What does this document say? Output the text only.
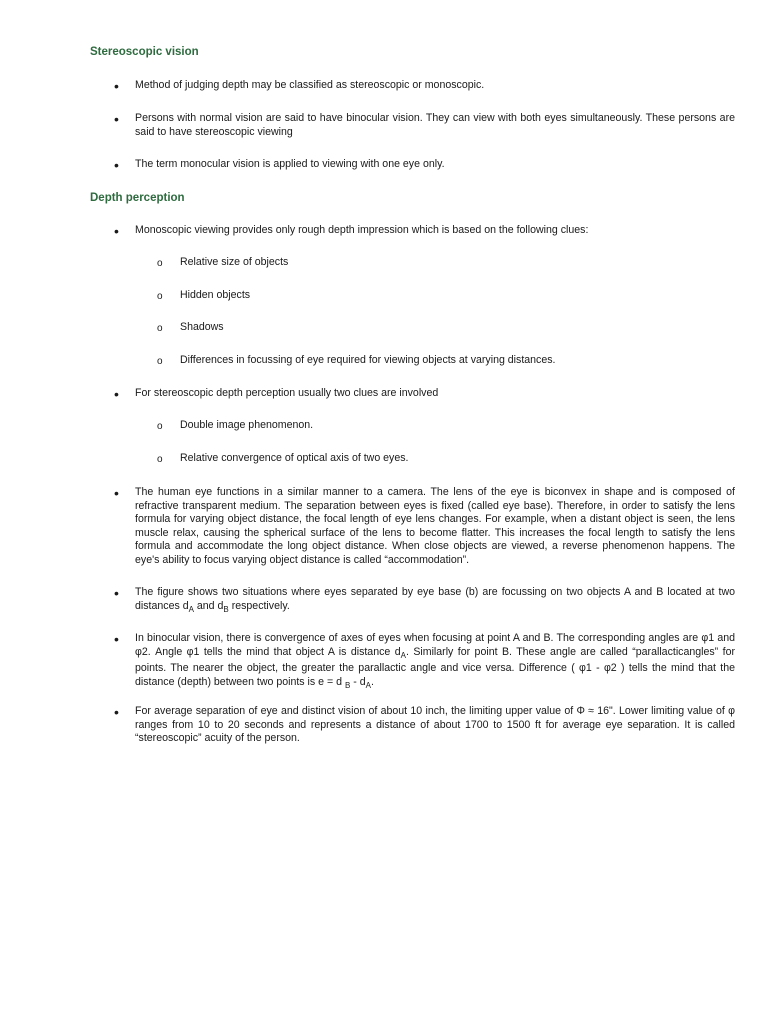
Stereoscopic vision
• Method of judging depth may be classified as stereoscopic or monoscopic.

• Persons with normal vision are said to have binocular vision. They can view with both eyes simultaneously. These persons are said to have stereoscopic viewing

• The term monocular vision is applied to viewing with one eye only.

Depth perception
• Monoscopic viewing provides only rough depth impression which is based on the following clues:

o Relative size of objects

o Hidden objects

o Shadows

o Differences in focussing of eye required for viewing objects at varying distances.

• For stereoscopic depth perception usually two clues are involved

o Double image phenomenon.

o Relative convergence of optical axis of two eyes.

• The human eye functions in a similar manner to a camera. The lens of the eye is biconvex in shape and is composed of refractive transparent medium. The separation between eyes is fixed (called eye base). Therefore, in order to satisfy the lens formula for varying object distance, the focal length of eye lens changes. For example, when a distant object is seen, the lens muscle relax, causing the spherical surface of the lens to become flatter. This increases the focal length to satisfy the lens formula and accommodate the long object distance. When close objects are viewed, a reverse phenomenon happens. The eye's ability to focus varying object distance is called “accommodation”.

• The figure shows two situations where eyes separated by eye base (b) are focussing on two objects A and B located at two distances $d_A$ and $d_B$ respectively.

• In binocular vision, there is convergence of axes of eyes when focusing at point A and B. The corresponding angles are φ1 and φ2. Angle φ1 tells the mind that object A is distance $d_A$. Similarly for point B. These angle are called “parallacticangles” for points. The nearer the object, the greater the parallactic angle and vice versa. Difference ( φ1 - φ2 ) tells the mind that the distance (depth) between two points is e = d $_B - d_A$.

• For average separation of eye and distinct vision of about 10 inch, the limiting upper value of Φ ≈ 16". Lower limiting value of φ ranges from 10 to 20 seconds and represents a distance of about 1700 to 1500 ft for average eye separation. It is called “stereoscopic” acuity of the person.
